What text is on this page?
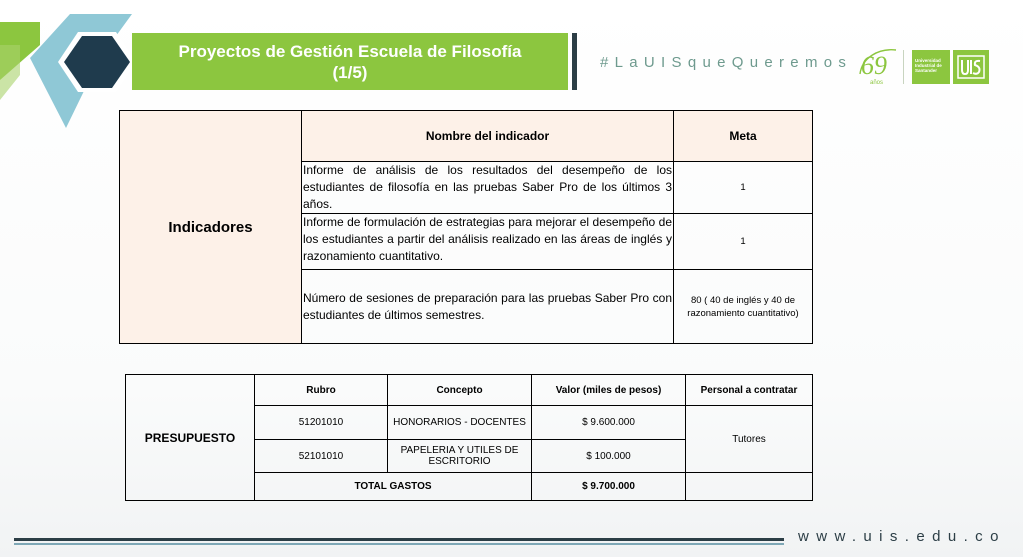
Proyectos de Gestión Escuela de Filosofía
(1/5)	#LaUISqueQueremos 69
años
Universidad
Industrial de
Santander
Indicadores	Nombre del indicador	Meta
	Informe de análisis de los resultados del desempeño de los estudiantes de filosofía en las pruebas Saber Pro de los últimos 3 años.	1
	Informe de formulación de estrategias para mejorar el desempeño de los estudiantes a partir del análisis realizado en las áreas de inglés y razonamiento cuantitativo.	1
	Número de sesiones de preparación para las pruebas Saber Pro con estudiantes de últimos semestres.	80 ( 40 de inglés y 40 de razonamiento cuantitativo)
PRESUPUESTO	Rubro	Concepto	Valor (miles de pesos)	Personal a contratar
	51201010	HONORARIOS - DOCENTES	$ 9.600.000	Tutores
	52101010	PAPELERIA Y UTILES DE ESCRITORIO	$ 100.000	
	TOTAL GASTOS		$ 9.700.000	
www.uis.edu.co
